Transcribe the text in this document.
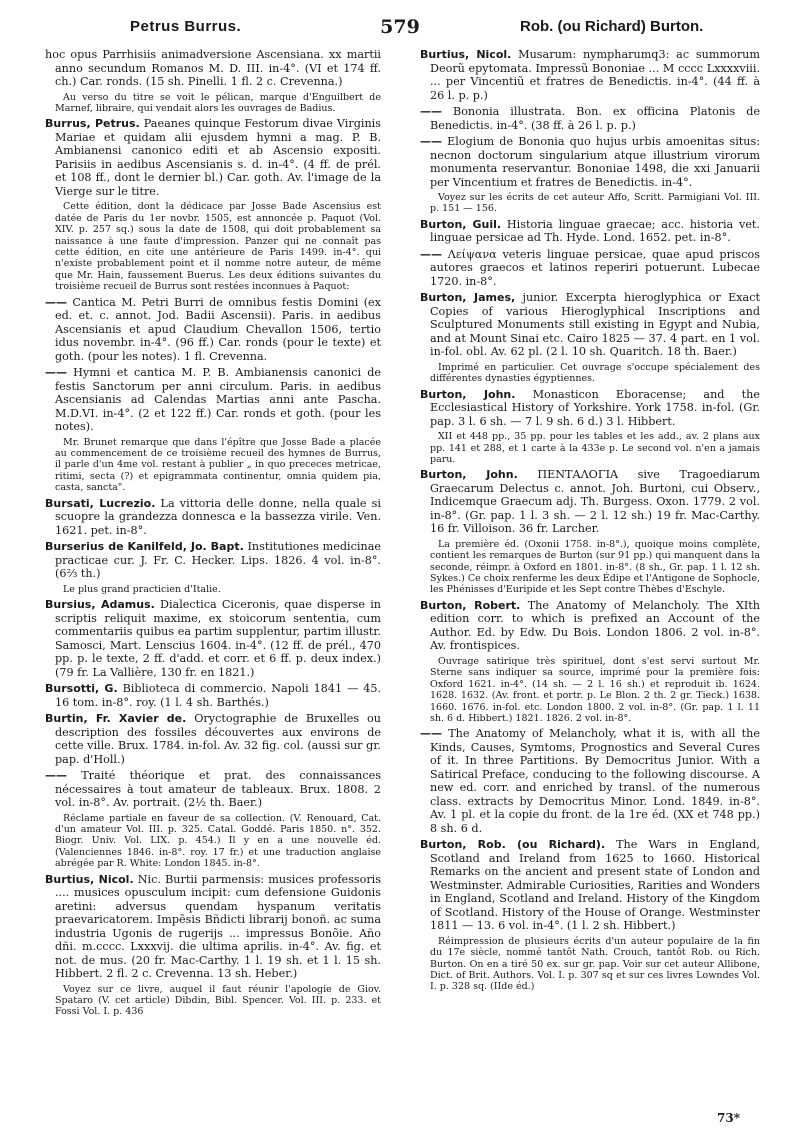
Petrus Burrus.	579	Rob. (ou Richard) Burton.

hoc opus Parrhisiis animadversione Ascensiana. xx martii anno secundum Romanos M. D. III. in-4°. (VI et 174 ff. ch.) Car. ronds. (15 sh. Pinelli. 1 fl. 2 c. Crevenna.)

Au verso du titre se voit le pélican, marque d'Enguilbert de Marnef, libraire, qui vendait alors les ouvrages de Badius.

Burrus, Petrus. Paeanes quinque Festorum divae Virginis Mariae et quidam alii ejusdem hymni a mag. P. B. Ambianensi canonico editi et ab Ascensio expositi. Parisiis in aedibus Ascensianis s. d. in-4°. (4 ff. de prél. et 108 ff., dont le dernier bl.) Car. goth. Av. l'image de la Vierge sur le titre.

Cette édition, dont la dédicace par Josse Bade Ascensius est datée de Paris du 1er novbr. 1505, est annoncée p. Paquot (Vol. XIV. p. 257 sq.) sous la date de 1508, qui doit probablement sa naissance à une faute d'impression. Panzer qui ne connaît pas cette édition, en cite une antérieure de Paris 1499. in-4°. qui n'existe probablement point et il nomme notre auteur, de même que Mr. Hain, faussement Buerus. Les deux éditions suivantes du troisième recueil de Burrus sont restées inconnues à Paquot:

—— Cantica M. Petri Burri de omnibus festis Domini (ex ed. et. c. annot. Jod. Badii Ascensii). Paris. in aedibus Ascensianis et apud Claudium Chevallon 1506, tertio idus novembr. in-4°. (96 ff.) Car. ronds (pour le texte) et goth. (pour les notes). 1 fl. Crevenna.

—— Hymni et cantica M. P. B. Ambianensis canonici de festis Sanctorum per anni circulum. Paris. in aedibus Ascensianis ad Calendas Martias anni ante Pascha. M.D.VI. in-4°. (2 et 122 ff.) Car. ronds et goth. (pour les notes).

Mr. Brunet remarque que dans l'épître que Josse Bade a placée au commencement de ce troisième recueil des hymnes de Burrus, il parle d'un 4me vol. restant à publier „ in quo prececes metricae, ritimi, secta (?) et epigrammata continentur, omnia quidem pia, casta, sancta".

Bursati, Lucrezio. La vittoria delle donne, nella quale si scuopre la grandezza donnesca e la bassezza virile. Ven. 1621. pet. in-8°.

Burserius de Kanilfeld, Jo. Bapt. Institutiones medicinae practicae cur. J. Fr. C. Hecker. Lips. 1826. 4 vol. in-8°. (6⅔ th.)

Le plus grand practicien d'Italie.

Bursius, Adamus. Dialectica Ciceronis, quae disperse in scriptis reliquit maxime, ex stoicorum sententia, cum commentariis quibus ea partim supplentur, partim illustr. Samosci, Mart. Lenscius 1604. in-4°. (12 ff. de prél., 470 pp. p. le texte, 2 ff. d'add. et corr. et 6 ff. p. deux index.) (79 fr. La Vallière, 130 fr. en 1821.)

Bursotti, G. Biblioteca di commercio. Napoli 1841 — 45. 16 tom. in-8°. roy. (1 l. 4 sh. Barthés.)

Burtin, Fr. Xavier de. Oryctographie de Bruxelles ou description des fossiles découvertes aux environs de cette ville. Brux. 1784. in-fol. Av. 32 fig. col. (aussi sur gr. pap. d'Holl.)

—— Traité théorique et prat. des connaissances nécessaires à tout amateur de tableaux. Brux. 1808. 2 vol. in-8°. Av. portrait. (2½ th. Baer.)

Réclame partiale en faveur de sa collection. (V. Renouard, Cat. d'un amateur Vol. III. p. 325. Catal. Goddé. Paris 1850. n°. 352. Biogr. Univ. Vol. LIX. p. 454.) Il y en a une nouvelle éd. (Valenciennes 1846. in-8°. roy. 17 fr.) et une traduction anglaise abrégée par R. White: London 1845. in-8°.

Burtius, Nicol. Nic. Burtii parmensis: musices professoris .... musices opusculum incipit: cum defensione Guidonis aretini: adversus quendam hyspanum veritatis praevaricatorem. Impēsis Bñdicti librarij bonoñ. ac suma industria Ugonis de rugerijs ... impressus Bonõie. Año dñi. m.cccc. Lxxxvij. die ultima aprilis. in-4°. Av. fig. et not. de mus. (20 fr. Mac-Carthy. 1 l. 19 sh. et 1 l. 15 sh. Hibbert. 2 fl. 2 c. Crevenna. 13 sh. Heber.)

Voyez sur ce livre, auquel il faut réunir l'apologie de Giov. Spataro (V. cet article) Dibdin, Bibl. Spencer. Vol. III. p. 233. et Fossi Vol. I. p. 436

Burtius, Nicol. Musarum: nympharumq3: ac summorum Deorũ epytomata. Impressũ Bononiae ... M cccc Lxxxxviii. ... per Vincentiũ et fratres de Benedictis. in-4°. (44 ff. à 26 l. p. p.)

—— Bononia illustrata. Bon. ex officina Platonis de Benedictis. in-4°. (38 ff. à 26 l. p. p.)

—— Elogium de Bononia quo hujus urbis amoenitas situs: necnon doctorum singularium atque illustrium virorum monumenta reservantur. Bononiae 1498, die xxi Januarii per Vincentium et fratres de Benedictis. in-4°.

Voyez sur les écrits de cet auteur Affo, Scritt. Parmigiani Vol. III. p. 151 — 156.

Burton, Guil. Historia linguae graecae; acc. historia vet. linguae persicae ad Th. Hyde. Lond. 1652. pet. in-8°.

—— Λείψανα veteris linguae persicae, quae apud priscos autores graecos et latinos reperiri potuerunt. Lubecae 1720. in-8°.

Burton, James, junior. Excerpta hieroglyphica or Exact Copies of various Hieroglyphical Inscriptions and Sculptured Monuments still existing in Egypt and Nubia, and at Mount Sinai etc. Cairo 1825 — 37. 4 part. en 1 vol. in-fol. obl. Av. 62 pl. (2 l. 10 sh. Quaritch. 18 th. Baer.)

Imprimé en particulier. Cet ouvrage s'occupe spécialement des différentes dynasties égyptiennes.

Burton, John. Monasticon Eboracense; and the Ecclesiastical History of Yorkshire. York 1758. in-fol. (Gr. pap. 3 l. 6 sh. — 7 l. 9 sh. 6 d.) 3 l. Hibbert.

XII et 448 pp., 35 pp. pour les tables et les add., av. 2 plans aux pp. 141 et 288, et 1 carte à la 433e p. Le second vol. n'en a jamais paru.

Burton, John. ΠΕΝΤΑΛΟΓΙΑ sive Tragoediarum Graecarum Delectus c. annot. Joh. Burtoni, cui Observ., Indicemque Graecum adj. Th. Burgess. Oxon. 1779. 2 vol. in-8°. (Gr. pap. 1 l. 3 sh. — 2 l. 12 sh.) 19 fr. Mac-Carthy. 16 fr. Villoison. 36 fr. Larcher.

La première éd. (Oxonii 1758. in-8°.), quoique moins complète, contient les remarques de Burton (sur 91 pp.) qui manquent dans la seconde, réimpr. à Oxford en 1801. in-8°. (8 sh., Gr. pap. 1 l. 12 sh. Sykes.) Ce choix renferme les deux Édipe et l'Antigone de Sophocle, les Phénisses d'Euripide et les Sept contre Thèbes d'Eschyle.

Burton, Robert. The Anatomy of Melancholy. The XIth edition corr. to which is prefixed an Account of the Author. Ed. by Edw. Du Bois. London 1806. 2 vol. in-8°. Av. frontispices.

Ouvrage satirique très spirituel, dont s'est servi surtout Mr. Sterne sans indiquer sa source, imprimé pour la première fois: Oxford 1621. in-4°. (14 sh. — 2 l. 16 sh.) et reproduit ib. 1624. 1628. 1632. (Av. front. et portr. p. Le Blon. 2 th. 2 gr. Tieck.) 1638. 1660. 1676. in-fol. etc. London 1800. 2 vol. in-8°. (Gr. pap. 1 l. 11 sh. 6 d. Hibbert.) 1821. 1826. 2 vol. in-8°.

—— The Anatomy of Melancholy, what it is, with all the Kinds, Causes, Symtoms, Prognostics and Several Cures of it. In three Partitions. By Democritus Junior. With a Satirical Preface, conducing to the following discourse. A new ed. corr. and enriched by transl. of the numerous class. extracts by Democritus Minor. Lond. 1849. in-8°. Av. 1 pl. et la copie du front. de la 1re éd. (XX et 748 pp.) 8 sh. 6 d.

Burton, Rob. (ou Richard). The Wars in England, Scotland and Ireland from 1625 to 1660. Historical Remarks on the ancient and present state of London and Westminster. Admirable Curiosities, Rarities and Wonders in England, Scotland and Ireland. History of the Kingdom of Scotland. History of the House of Orange. Westminster 1811 — 13. 6 vol. in-4°. (1 l. 2 sh. Hibbert.)

Réimpression de plusieurs écrits d'un auteur populaire de la fin du 17e siècle, nommé tantôt Nath. Crouch, tantôt Rob. ou Rich. Burton. On en a tiré 50 ex. sur gr. pap. Voir sur cet auteur Allibone, Dict. of Brit. Authors. Vol. I. p. 307 sq et sur ces livres Lowndes Vol. I. p. 328 sq. (IIde éd.)

73*
